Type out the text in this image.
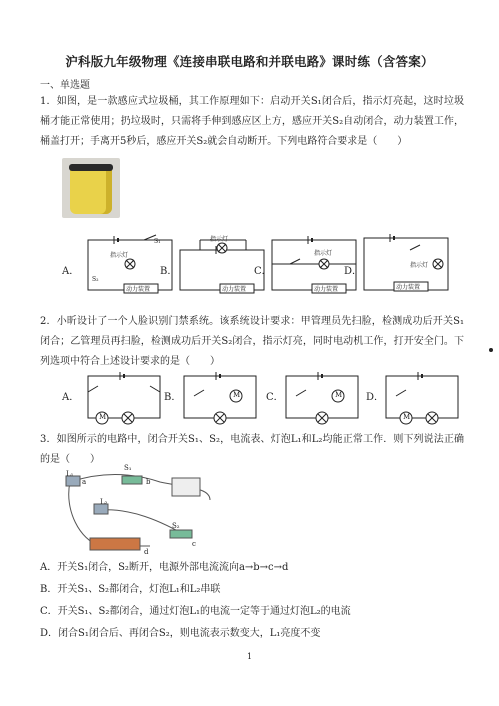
沪科版九年级物理《连接串联电路和并联电路》课时练（含答案）
一、单选题
1．如图，是一款感应式垃圾桶，其工作原理如下：启动开关S₁闭合后，指示灯亮起，这时垃圾桶才能正常使用；扔垃圾时，只需将手伸到感应区上方，感应开关S₂自动闭合，动力装置工作，桶盖打开；手离开5秒后，感应开关S₂就会自动断开。下列电路符合要求是（　　）
A．
指示灯
动力装置
S₁
S₂
B．
指示灯
动力装置
C．
指示灯
动力装置
D．
指示灯
动力装置
2．小昕设计了一个人脸识别门禁系统。该系统设计要求：甲管理员先扫脸，检测成功后开关S₁闭合；乙管理员再扫脸，检测成功后开关S₂闭合，指示灯亮，同时电动机工作，打开安全门。下列选项中符合上述设计要求的是（　　）
A．
M
B．	M	C．	M D．
M
3．如图所示的电路中，闭合开关S₁、S₂，电流表、灯泡L₁和L₂均能正常工作．则下列说法正确的是（　　）
L₁
S₁
L₂
S₂
a	b
c
d
A．开关S₁闭合，S₂断开，电源外部电流流向a→b→c→d
B．开关S₁、S₂都闭合，灯泡L₁和L₂串联
C．开关S₁、S₂都闭合，通过灯泡L₁的电流一定等于通过灯泡L₂的电流
D．闭合S₁闭合后、再闭合S₂，则电流表示数变大，L₁亮度不变
1
